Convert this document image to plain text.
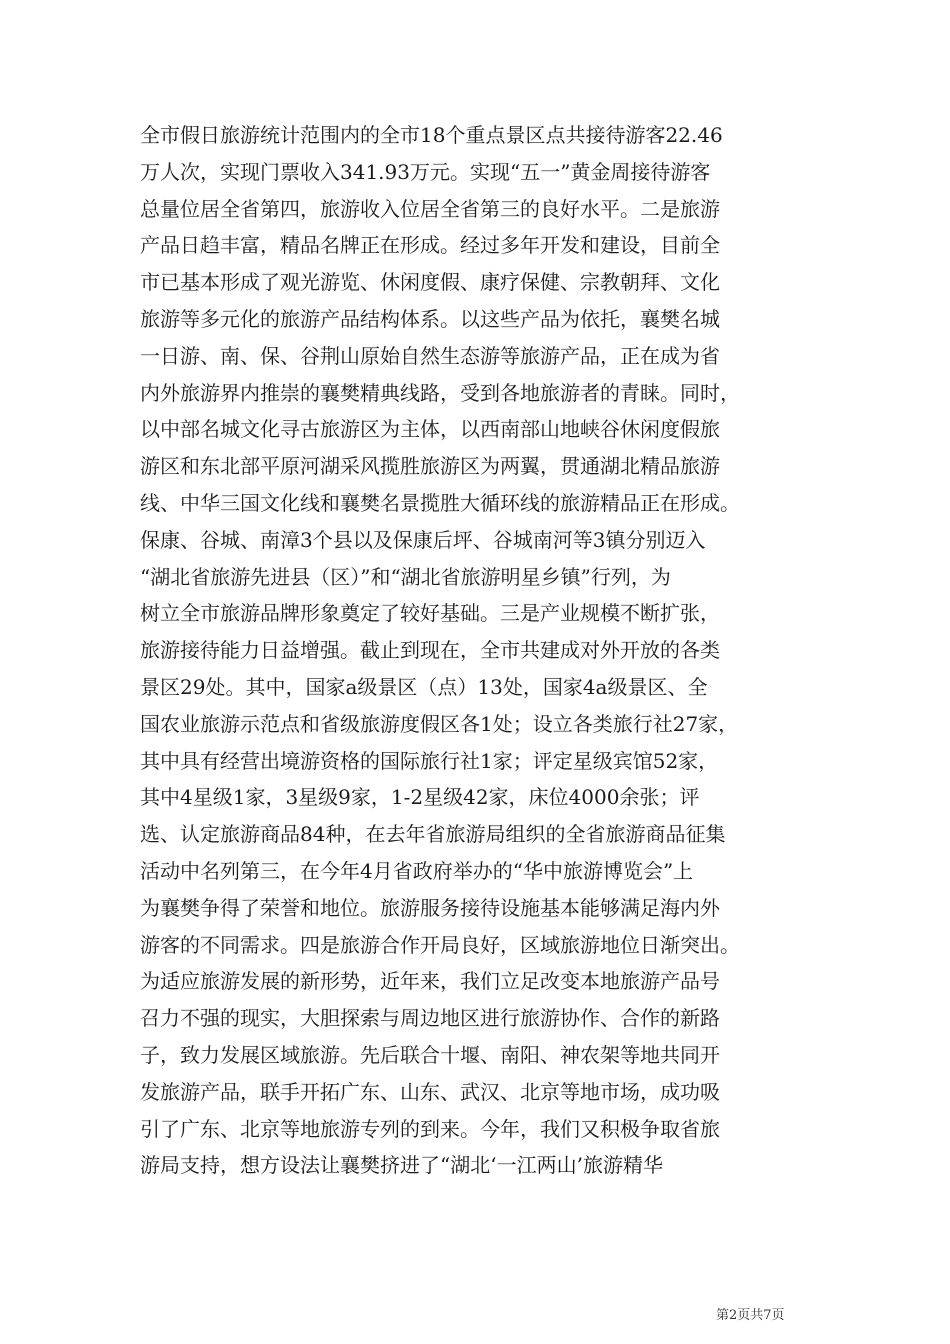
全市假日旅游统计范围内的全市18个重点景区点共接待游客22.46
万人次，实现门票收入341.93万元。实现“五一”黄金周接待游客
总量位居全省第四，旅游收入位居全省第三的良好水平。二是旅游
产品日趋丰富，精品名牌正在形成。经过多年开发和建设，目前全
市已基本形成了观光游览、休闲度假、康疗保健、宗教朝拜、文化
旅游等多元化的旅游产品结构体系。以这些产品为依托，襄樊名城
一日游、南、保、谷荆山原始自然生态游等旅游产品，正在成为省
内外旅游界内推崇的襄樊精典线路，受到各地旅游者的青睐。同时，
以中部名城文化寻古旅游区为主体，以西南部山地峡谷休闲度假旅
游区和东北部平原河湖采风揽胜旅游区为两翼，贯通湖北精品旅游
线、中华三国文化线和襄樊名景揽胜大循环线的旅游精品正在形成。
保康、谷城、南漳3个县以及保康后坪、谷城南河等3镇分别迈入
“湖北省旅游先进县（区）”和“湖北省旅游明星乡镇”行列，为
树立全市旅游品牌形象奠定了较好基础。三是产业规模不断扩张，
旅游接待能力日益增强。截止到现在，全市共建成对外开放的各类
景区29处。其中，国家a级景区（点）13处，国家4a级景区、全
国农业旅游示范点和省级旅游度假区各1处；设立各类旅行社27家，
其中具有经营出境游资格的国际旅行社1家；评定星级宾馆52家，
其中4星级1家，3星级9家，1-2星级42家，床位4000余张；评
选、认定旅游商品84种，在去年省旅游局组织的全省旅游商品征集
活动中名列第三，在今年4月省政府举办的“华中旅游博览会”上
为襄樊争得了荣誉和地位。旅游服务接待设施基本能够满足海内外
游客的不同需求。四是旅游合作开局良好，区域旅游地位日渐突出。
为适应旅游发展的新形势，近年来，我们立足改变本地旅游产品号
召力不强的现实，大胆探索与周边地区进行旅游协作、合作的新路
子，致力发展区域旅游。先后联合十堰、南阳、神农架等地共同开
发旅游产品，联手开拓广东、山东、武汉、北京等地市场，成功吸
引了广东、北京等地旅游专列的到来。今年，我们又积极争取省旅
游局支持，想方设法让襄樊挤进了“湖北‘一江两山’旅游精华
第2页共7页
